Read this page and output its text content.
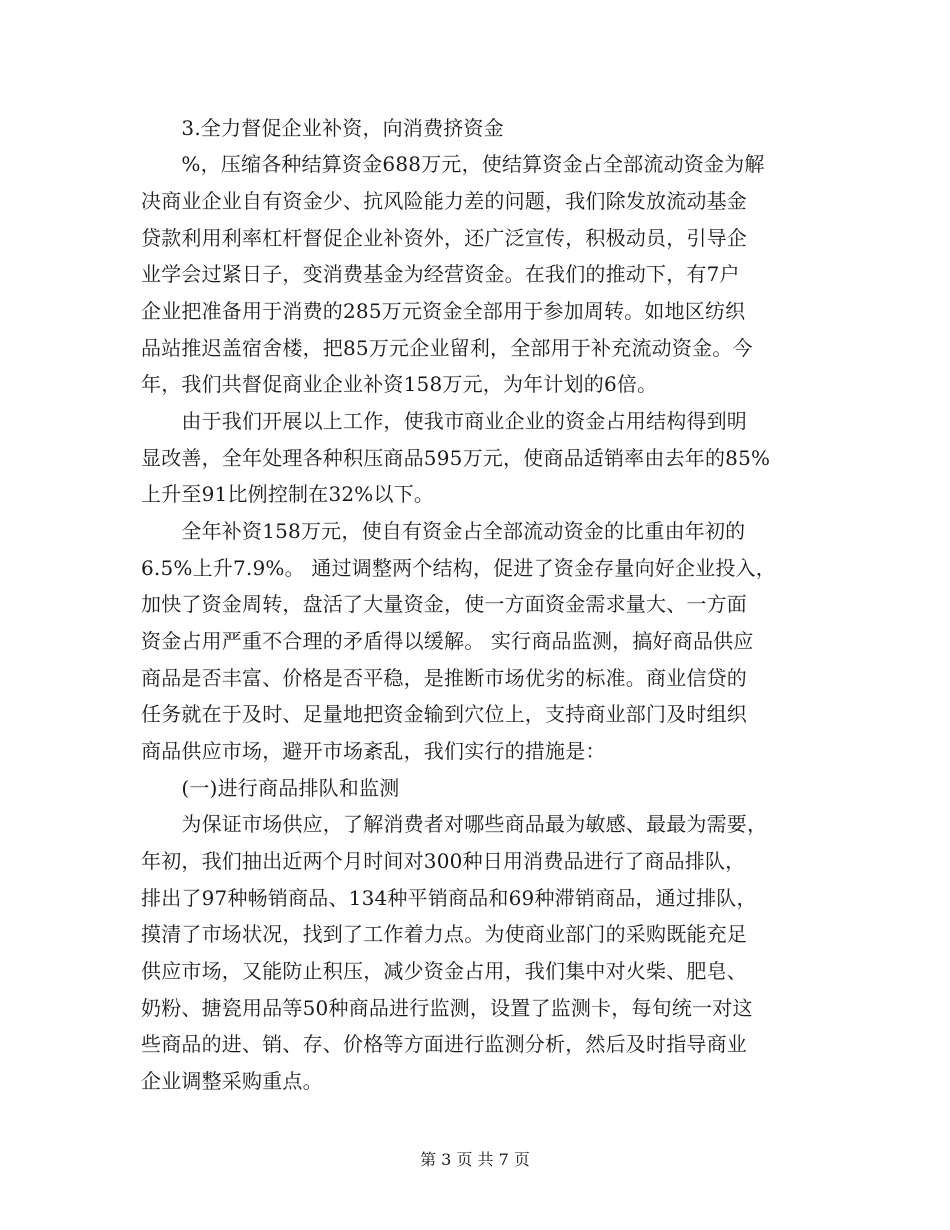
　　3.全力督促企业补资，向消费挤资金
　　%，压缩各种结算资金688万元，使结算资金占全部流动资金为解
决商业企业自有资金少、抗风险能力差的问题，我们除发放流动基金
贷款利用利率杠杆督促企业补资外，还广泛宣传，积极动员，引导企
业学会过紧日子，变消费基金为经营资金。在我们的推动下，有7户
企业把准备用于消费的285万元资金全部用于参加周转。如地区纺织
品站推迟盖宿舍楼，把85万元企业留利，全部用于补充流动资金。今
年，我们共督促商业企业补资158万元，为年计划的6倍。
　　由于我们开展以上工作，使我市商业企业的资金占用结构得到明
显改善，全年处理各种积压商品595万元，使商品适销率由去年的85%
上升至91比例控制在32%以下。
　　全年补资158万元，使自有资金占全部流动资金的比重由年初的
6.5%上升7.9%。 通过调整两个结构，促进了资金存量向好企业投入，
加快了资金周转，盘活了大量资金，使一方面资金需求量大、一方面
资金占用严重不合理的矛盾得以缓解。 实行商品监测，搞好商品供应
商品是否丰富、价格是否平稳，是推断市场优劣的标准。商业信贷的
任务就在于及时、足量地把资金输到穴位上，支持商业部门及时组织
商品供应市场，避开市场紊乱，我们实行的措施是：
　　(一)进行商品排队和监测
　　为保证市场供应，了解消费者对哪些商品最为敏感、最最为需要，
年初，我们抽出近两个月时间对300种日用消费品进行了商品排队，
排出了97种畅销商品、134种平销商品和69种滞销商品，通过排队，
摸清了市场状况，找到了工作着力点。为使商业部门的采购既能充足
供应市场，又能防止积压，减少资金占用，我们集中对火柴、肥皂、
奶粉、搪瓷用品等50种商品进行监测，设置了监测卡，每旬统一对这
些商品的进、销、存、价格等方面进行监测分析，然后及时指导商业
企业调整采购重点。
第 3 页 共 7 页
